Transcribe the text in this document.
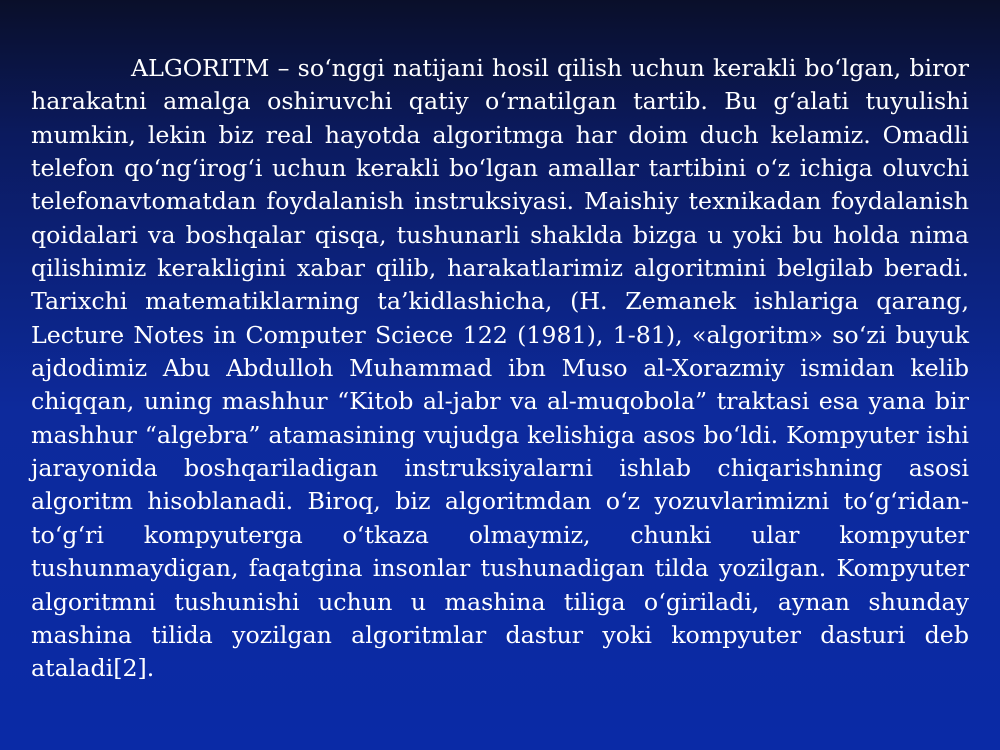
ALGORITM – so‘nggi natijani hosil qilish uchun kerakli bo‘lgan, biror harakatni amalga oshiruvchi qatiy o‘rnatilgan tartib. Bu g‘alati tuyulishi mumkin, lekin biz real hayotda algoritmga har doim duch kelamiz. Omadli telefon qo‘ng‘irog‘i uchun kerakli bo‘lgan amallar tartibini o‘z ichiga oluvchi telefonavtomatdan foydalanish instruksiyasi. Maishiy texnikadan foydalanish qoidalari va boshqalar qisqa, tushunarli shaklda bizga u yoki bu holda nima qilishimiz kerakligini xabar qilib, harakatlarimiz algoritmini belgilab beradi. Tarixchi matematiklarning ta’kidlashicha, (H. Zemanek ishlariga qarang, Lecture Notes in Computer Sciece 122 (1981), 1-81), «algoritm» so‘zi buyuk ajdodimiz Abu Abdulloh Muhammad ibn Muso al-Xorazmiy ismidan kelib chiqqan, uning mashhur “Kitob al-jabr va al-muqobola” traktasi esa yana bir mashhur “algebra” atamasining vujudga kelishiga asos bo‘ldi. Kompyuter ishi jarayonida boshqariladigan instruksiyalarni ishlab chiqarishning asosi algoritm hisoblanadi. Biroq, biz algoritmdan o‘z yozuvlarimizni to‘g‘ridan-to‘g‘ri kompyuterga o‘tkaza olmaymiz, chunki ular kompyuter tushunmaydigan, faqatgina insonlar tushunadigan tilda yozilgan. Kompyuter algoritmni tushunishi uchun u mashina tiliga o‘giriladi, aynan shunday mashina tilida yozilgan algoritmlar dastur yoki kompyuter dasturi deb ataladi[2].
